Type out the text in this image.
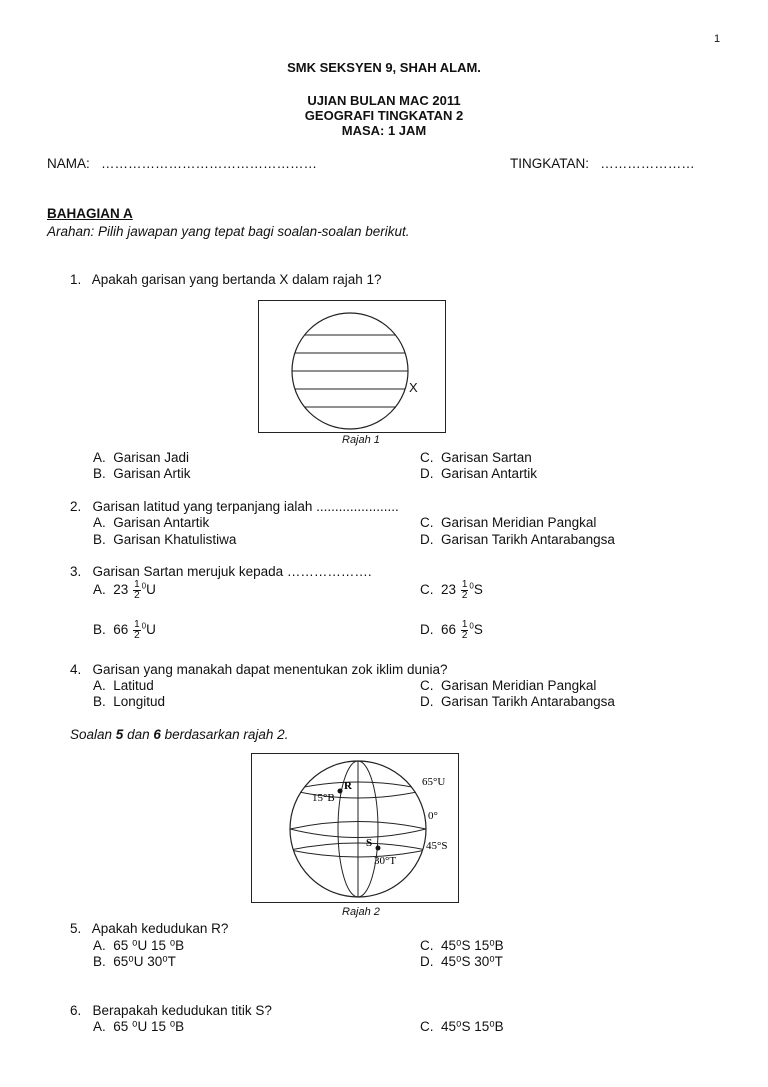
1
SMK SEKSYEN 9, SHAH ALAM.
UJIAN BULAN MAC 2011
GEOGRAFI TINGKATAN 2
MASA: 1 JAM
NAMA: …………………………………………	TINGKATAN: …………………
BAHAGIAN A
Arahan: Pilih jawapan yang tepat bagi soalan-soalan berikut.
1. Apakah garisan yang bertanda X dalam rajah 1?
X
Rajah 1
A.  Garisan Jadi
B.  Garisan Artik
C.  Garisan Sartan
D.  Garisan Antartik
2. Garisan latitud yang terpanjang ialah ......................
A.  Garisan Antartik
B.  Garisan Khatulistiwa
C.  Garisan Meridian Pangkal
D.  Garisan Tarikh Antarabangsa
3. Garisan Sartan merujuk kepada ……………….
A.  $23 \frac{1}{2} ^0U$	C.  $23 \frac{1}{2} ^0S$
B.  $66 \frac{1}{2} ^0U$	D.  $66 \frac{1}{2} ^0S$
4. Garisan yang manakah dapat menentukan zok iklim dunia?
A.  Latitud
B.  Longitud
C.  Garisan Meridian Pangkal
D.  Garisan Tarikh Antarabangsa
Soalan 5 dan 6 berdasarkan rajah 2.
R
S
15°B
30°T
65°U
0°
45°S
Rajah 2
5. Apakah kedudukan R?
A.  65 ⁰U 15 ⁰B
B.  65⁰U 30⁰T
C.  45⁰S 15⁰B
D.  45⁰S 30⁰T
6. Berapakah kedudukan titik S?
A.  65 ⁰U 15 ⁰B	C.  45⁰S 15⁰B
